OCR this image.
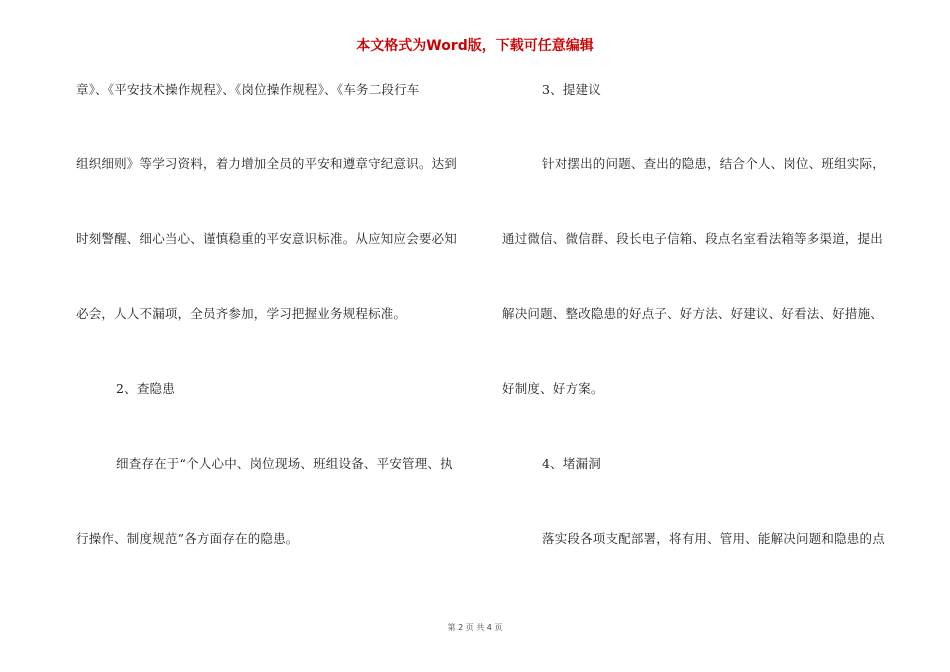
本文格式为Word版，下载可任意编辑
章》、《平安技术操作规程》、《岗位操作规程》、《车务二段行车
组织细则》等学习资料，着力增加全员的平安和遵章守纪意识。达到
时刻警醒、细心当心、谨慎稳重的平安意识标准。从应知应会要必知
必会，人人不漏项，全员齐参加，学习把握业务规程标准。
2、查隐患
细查存在于“个人心中、岗位现场、班组设备、平安管理、执
行操作、制度规范”各方面存在的隐患。
3、提建议
针对摆出的问题、查出的隐患，结合个人、岗位、班组实际，
通过微信、微信群、段长电子信箱、段点名室看法箱等多渠道，提出
解决问题、整改隐患的好点子、好方法、好建议、好看法、好措施、
好制度、好方案。
4、堵漏洞
落实段各项支配部署，将有用、管用、能解决问题和隐患的点
第 2 页 共 4 页
